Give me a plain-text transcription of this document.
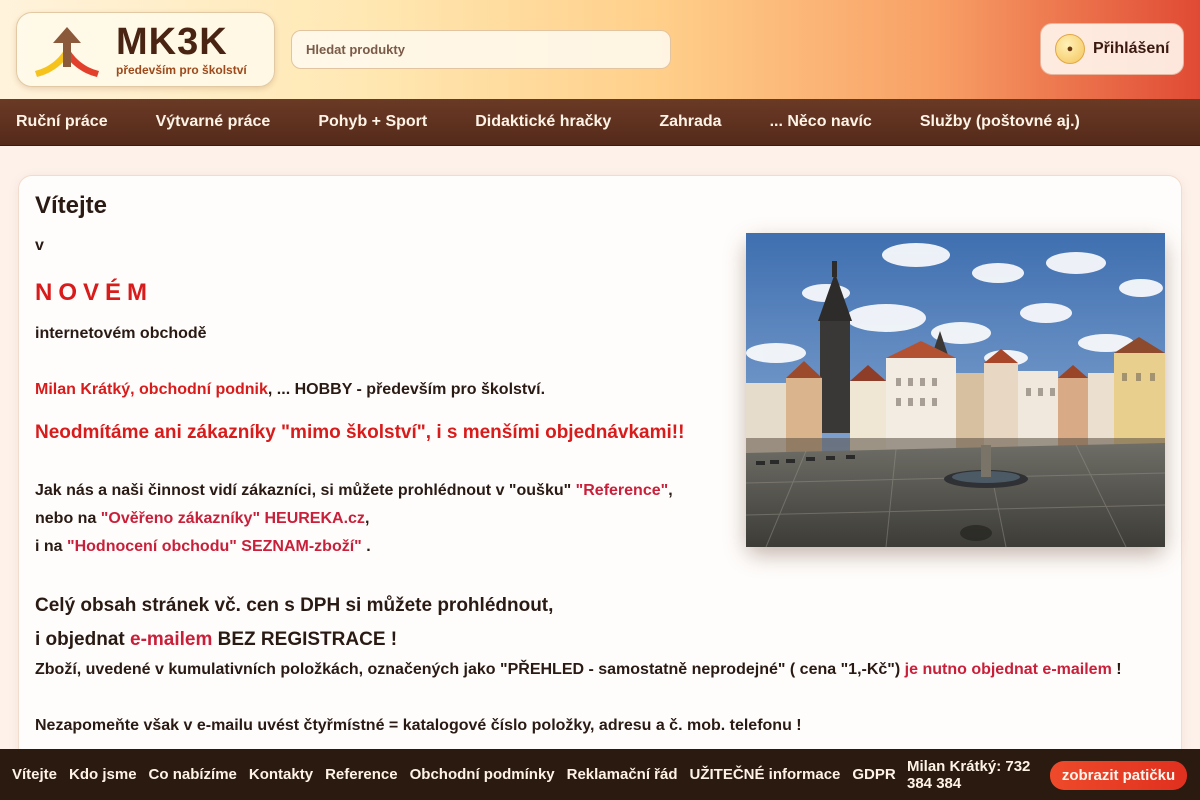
MK3K
především pro školství
Hledat produkty
●	Přihlášení
Ruční práce	Výtvarné práce	Pohyb + Sport	Didaktické hračky	Zahrada	... Něco navíc	Služby (poštovné aj.)
Vítejte
v
NOVÉM
internetovém obchodě
Milan Krátký, obchodní podnik, ... HOBBY - především pro školství.
Neodmítáme ani zákazníky "mimo školství", i s menšími objednávkami!!
Jak nás a naši činnost vidí zákazníci, si můžete prohlédnout v "oušku" "Reference",
nebo na "Ověřeno zákazníky" HEUREKA.cz,
i na "Hodnocení obchodu" SEZNAM-zboží" .
Celý obsah stránek vč. cen s DPH si můžete prohlédnout,
i objednat e-mailem BEZ REGISTRACE !
Zboží, uvedené v kumulativních položkách, označených jako "PŘEHLED - samostatně neprodejné" ( cena "1,-Kč") je nutno objednat e-mailem !
Nezapomeňte však v e-mailu uvést čtyřmístné = katalogové číslo položky, adresu a č. mob. telefonu !
Vítejte Kdo jsme Co nabízíme Kontakty Reference Obchodní podmínky Reklamační řád UŽITEČNÉ informace GDPR Milan Krátký: 732 384 384	zobrazit patičku
